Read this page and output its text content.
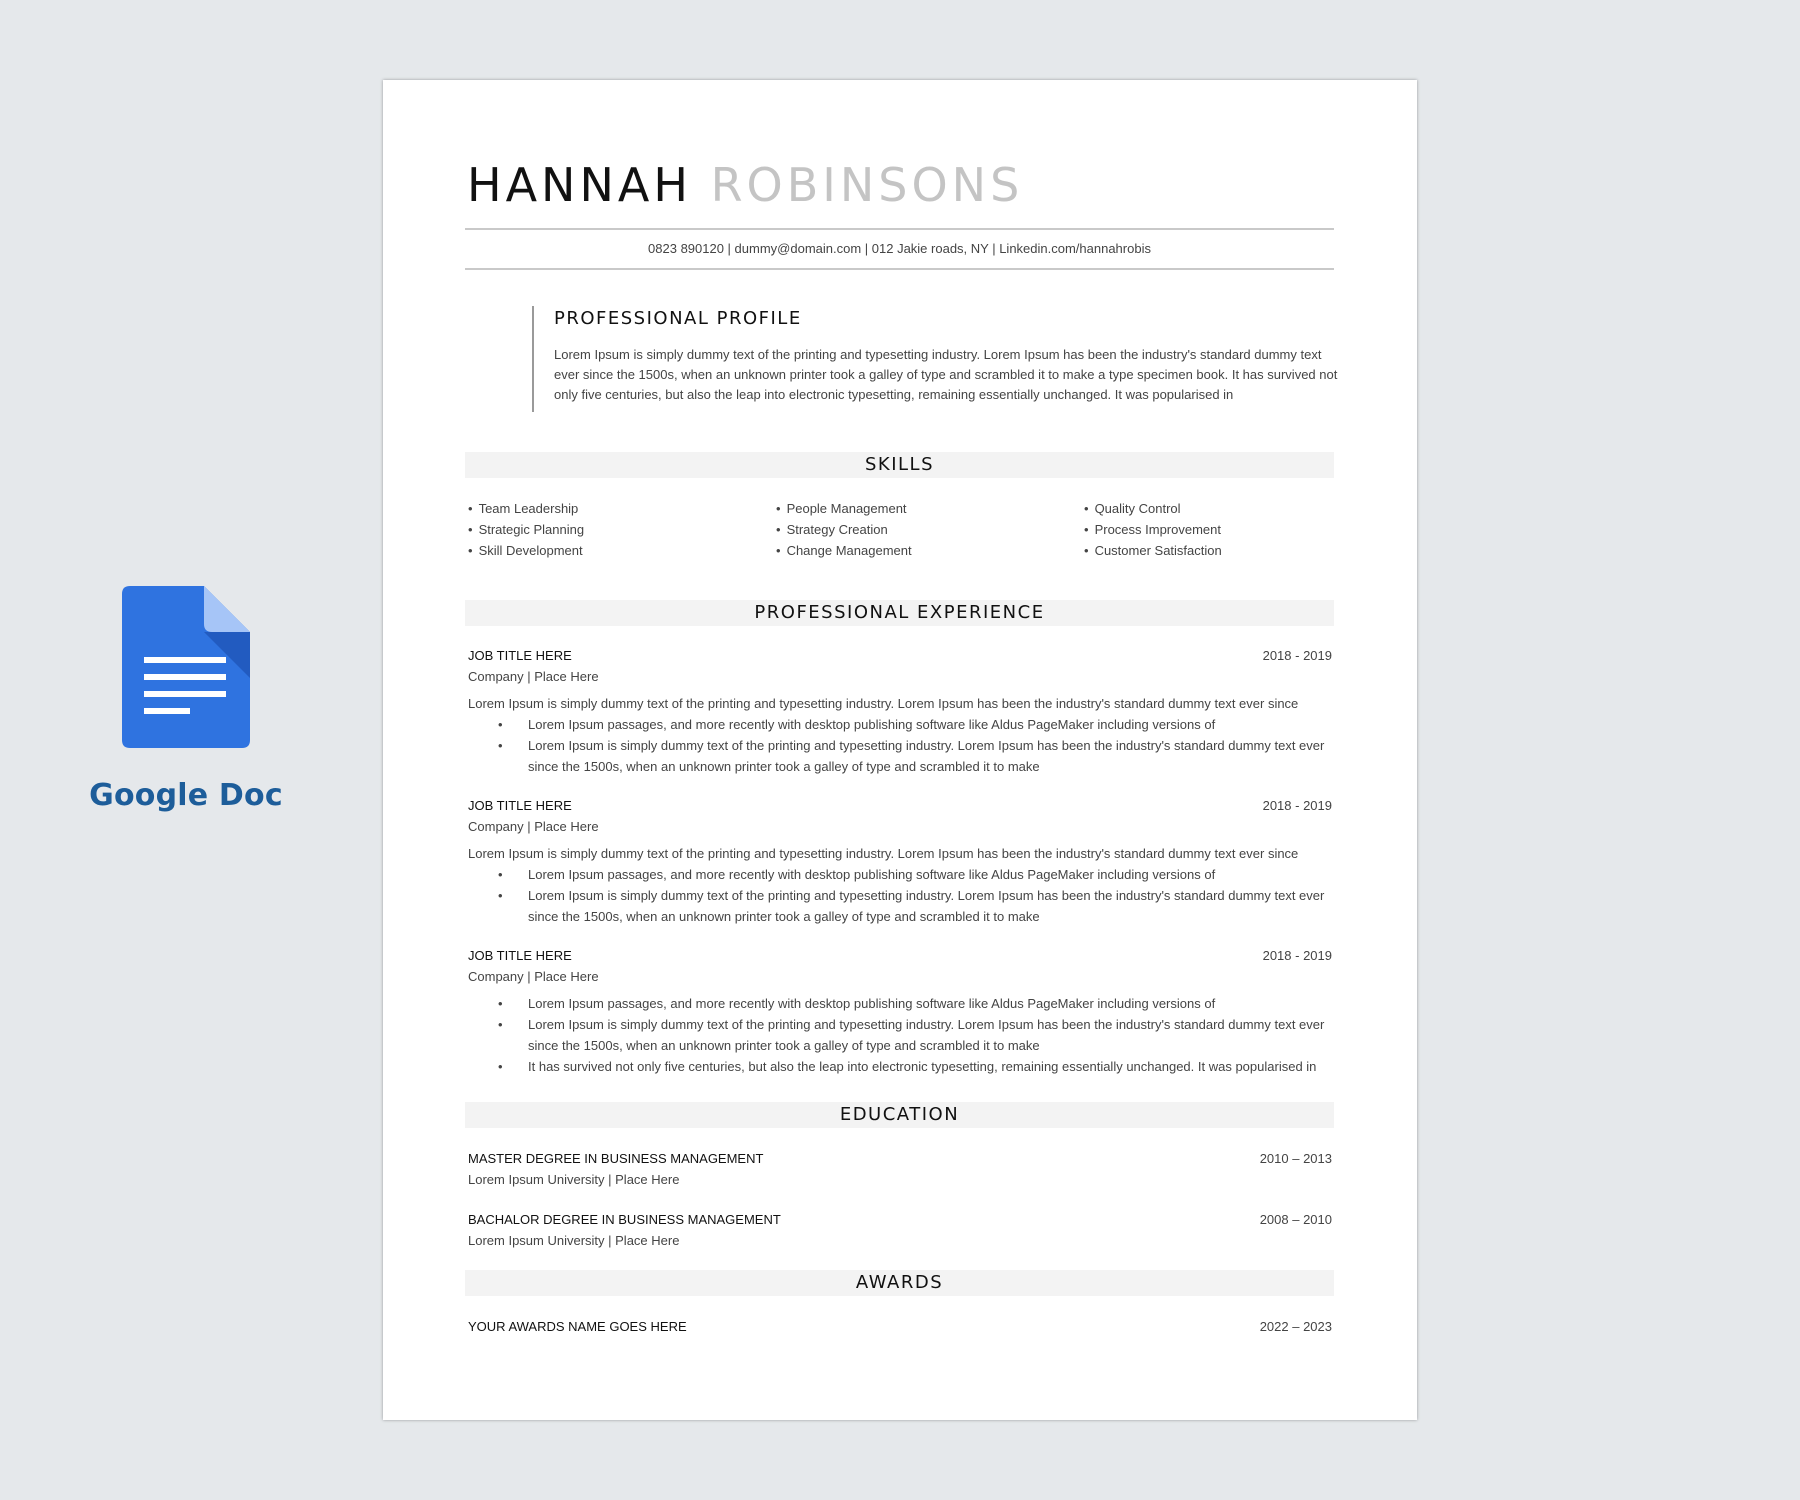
Google Doc
HANNAH ROBINSONS
0823 890120 | dummy@domain.com | 012 Jakie roads, NY | Linkedin.com/hannahrobis
PROFESSIONAL PROFILE

Lorem Ipsum is simply dummy text of the printing and typesetting industry. Lorem Ipsum has been the industry's standard dummy text ever since the 1500s, when an unknown printer took a galley of type and scrambled it to make a type specimen book. It has survived not only five centuries, but also the leap into electronic typesetting, remaining essentially unchanged. It was popularised in

SKILLS
• Team Leadership
• Strategic Planning
• Skill Development
• People Management
• Strategy Creation
• Change Management
• Quality Control
• Process Improvement
• Customer Satisfaction
PROFESSIONAL EXPERIENCE
JOB TITLE HERE	2018 - 2019
Company | Place Here
Lorem Ipsum is simply dummy text of the printing and typesetting industry. Lorem Ipsum has been the industry's standard dummy text ever since
• Lorem Ipsum passages, and more recently with desktop publishing software like Aldus PageMaker including versions of
• Lorem Ipsum is simply dummy text of the printing and typesetting industry. Lorem Ipsum has been the industry's standard dummy text ever since the 1500s, when an unknown printer took a galley of type and scrambled it to make
JOB TITLE HERE	2018 - 2019
Company | Place Here
Lorem Ipsum is simply dummy text of the printing and typesetting industry. Lorem Ipsum has been the industry's standard dummy text ever since
• Lorem Ipsum passages, and more recently with desktop publishing software like Aldus PageMaker including versions of
• Lorem Ipsum is simply dummy text of the printing and typesetting industry. Lorem Ipsum has been the industry's standard dummy text ever since the 1500s, when an unknown printer took a galley of type and scrambled it to make
JOB TITLE HERE	2018 - 2019
Company | Place Here
• Lorem Ipsum passages, and more recently with desktop publishing software like Aldus PageMaker including versions of
• Lorem Ipsum is simply dummy text of the printing and typesetting industry. Lorem Ipsum has been the industry's standard dummy text ever since the 1500s, when an unknown printer took a galley of type and scrambled it to make
• It has survived not only five centuries, but also the leap into electronic typesetting, remaining essentially unchanged. It was popularised in
EDUCATION
MASTER DEGREE IN BUSINESS MANAGEMENT	2010 – 2013
Lorem Ipsum University | Place Here
BACHALOR DEGREE IN BUSINESS MANAGEMENT	2008 – 2010
Lorem Ipsum University | Place Here
AWARDS
YOUR AWARDS NAME GOES HERE	2022 – 2023
